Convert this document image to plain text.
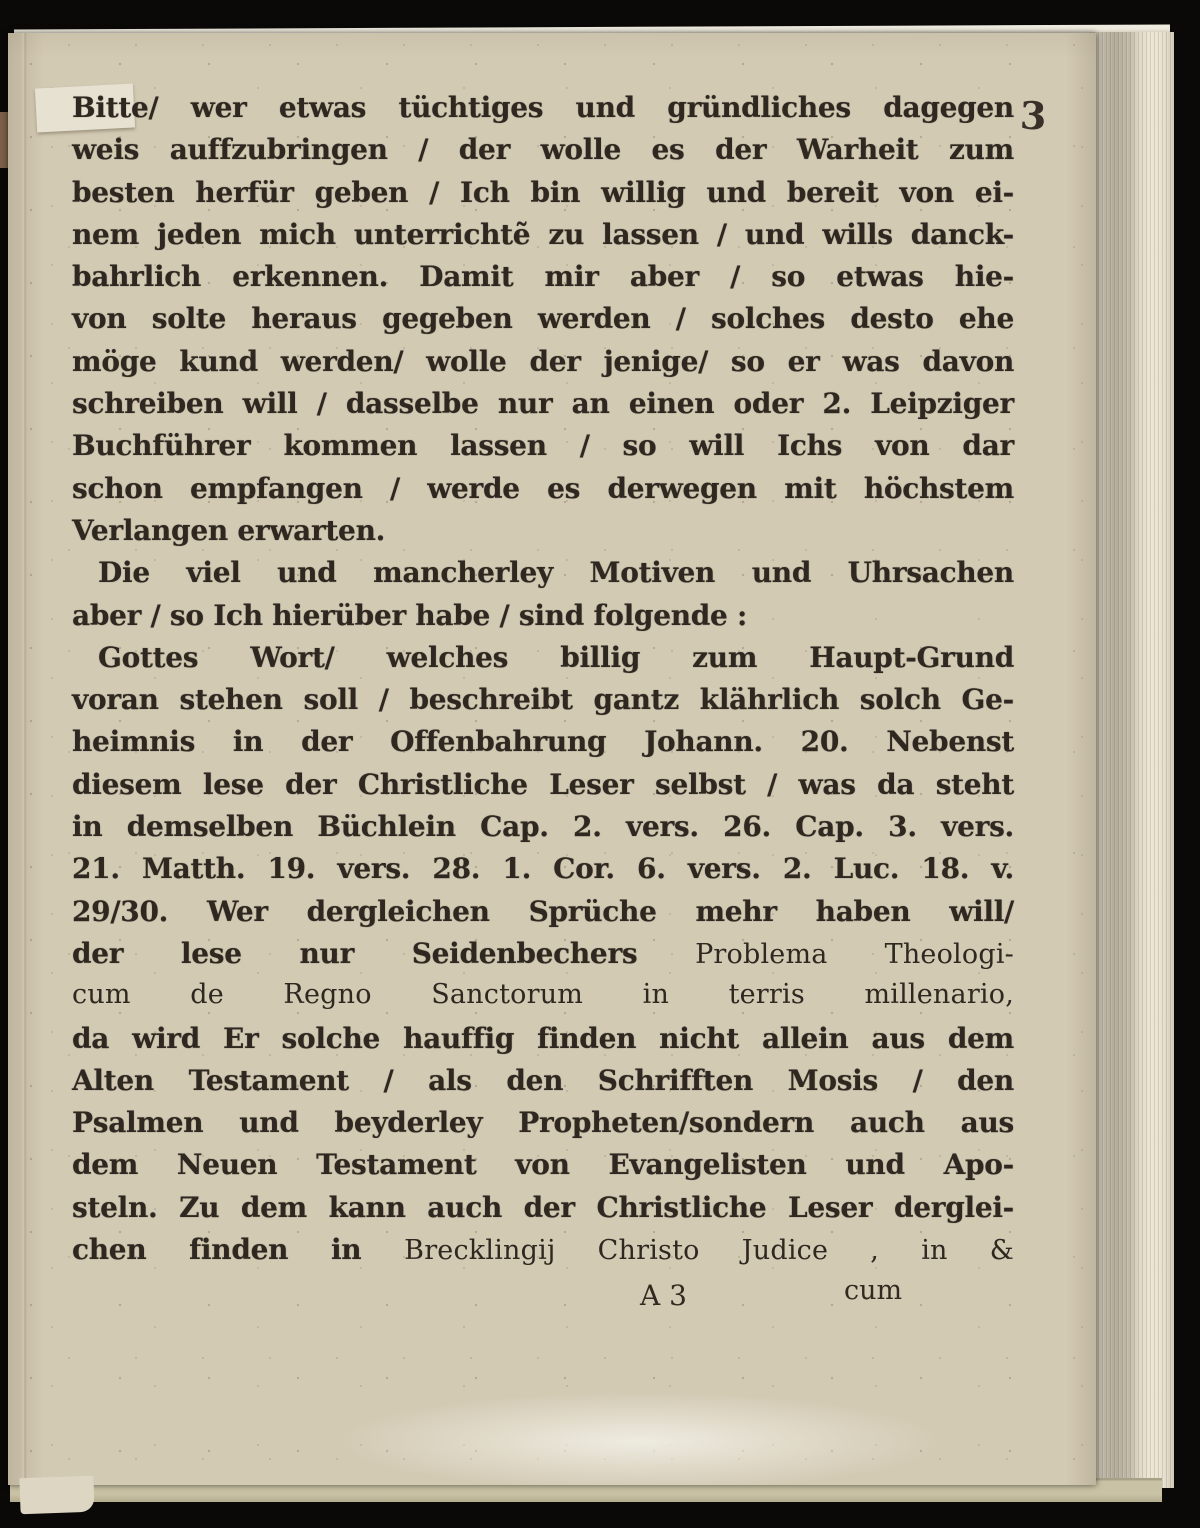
3
Bitte/ wer etwas tüchtiges und gründliches dagegen
weis auffzubringen / der wolle es der Warheit zum
besten herfür geben / Ich bin willig und bereit von ei-
nem jeden mich unterrichtẽ zu lassen / und wills danck-
bahrlich erkennen. Damit mir aber / so etwas hie-
von solte heraus gegeben werden / solches desto ehe
möge kund werden/ wolle der jenige/ so er was davon
schreiben will / dasselbe nur an einen oder 2. Leipziger
Buchführer kommen lassen / so will Ichs von dar
schon empfangen / werde es derwegen mit höchstem
Verlangen erwarten.
Die viel und mancherley Motiven und Uhrsachen
aber / so Ich hierüber habe / sind folgende :
Gottes Wort/ welches billig zum Haupt-Grund
voran stehen soll / beschreibt gantz klährlich solch Ge-
heimnis in der Offenbahrung Johann. 20. Nebenst
diesem lese der Christliche Leser selbst / was da steht
in demselben Büchlein Cap. 2. vers. 26. Cap. 3. vers.
21. Matth. 19. vers. 28. 1. Cor. 6. vers. 2. Luc. 18. v.
29/30. Wer dergleichen Sprüche mehr haben will/
der lese nur Seidenbechers Problema Theologi-
cum de Regno Sanctorum in terris millenario,
da wird Er solche hauffig finden nicht allein aus dem
Alten Testament / als den Schrifften Mosis / den
Psalmen und beyderley Propheten/sondern auch aus
dem Neuen Testament von Evangelisten und Apo-
steln. Zu dem kann auch der Christliche Leser derglei-
chen finden in Brecklingij Christo Judice , in &
A 3	cum
